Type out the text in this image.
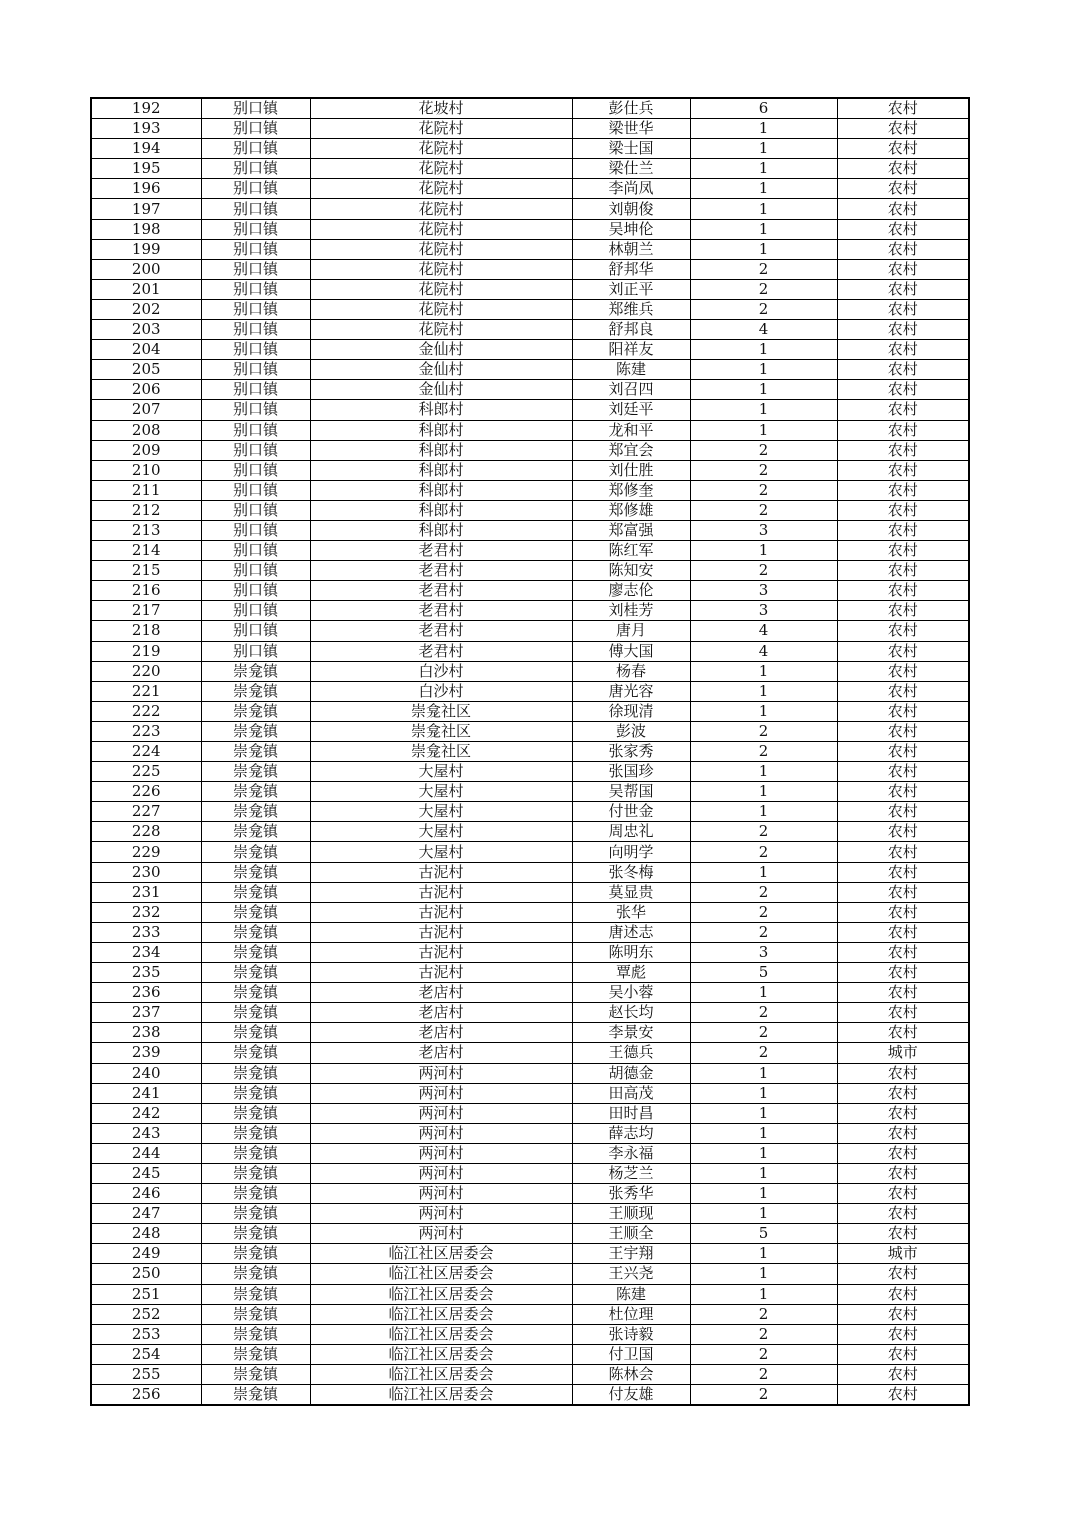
192	别口镇	花坡村	彭仕兵	6	农村
193	别口镇	花院村	梁世华	1	农村
194	别口镇	花院村	梁士国	1	农村
195	别口镇	花院村	梁仕兰	1	农村
196	别口镇	花院村	李尚凤	1	农村
197	别口镇	花院村	刘朝俊	1	农村
198	别口镇	花院村	吴坤伦	1	农村
199	别口镇	花院村	林朝兰	1	农村
200	别口镇	花院村	舒邦华	2	农村
201	别口镇	花院村	刘正平	2	农村
202	别口镇	花院村	郑维兵	2	农村
203	别口镇	花院村	舒邦良	4	农村
204	别口镇	金仙村	阳祥友	1	农村
205	别口镇	金仙村	陈建	1	农村
206	别口镇	金仙村	刘召四	1	农村
207	别口镇	科郎村	刘廷平	1	农村
208	别口镇	科郎村	龙和平	1	农村
209	别口镇	科郎村	郑宜会	2	农村
210	别口镇	科郎村	刘仕胜	2	农村
211	别口镇	科郎村	郑修奎	2	农村
212	别口镇	科郎村	郑修雄	2	农村
213	别口镇	科郎村	郑富强	3	农村
214	别口镇	老君村	陈红军	1	农村
215	别口镇	老君村	陈知安	2	农村
216	别口镇	老君村	廖志伦	3	农村
217	别口镇	老君村	刘桂芳	3	农村
218	别口镇	老君村	唐月	4	农村
219	别口镇	老君村	傅大国	4	农村
220	崇龛镇	白沙村	杨春	1	农村
221	崇龛镇	白沙村	唐光容	1	农村
222	崇龛镇	崇龛社区	徐现清	1	农村
223	崇龛镇	崇龛社区	彭波	2	农村
224	崇龛镇	崇龛社区	张家秀	2	农村
225	崇龛镇	大屋村	张国珍	1	农村
226	崇龛镇	大屋村	吴帮国	1	农村
227	崇龛镇	大屋村	付世金	1	农村
228	崇龛镇	大屋村	周忠礼	2	农村
229	崇龛镇	大屋村	向明学	2	农村
230	崇龛镇	古泥村	张冬梅	1	农村
231	崇龛镇	古泥村	莫显贵	2	农村
232	崇龛镇	古泥村	张华	2	农村
233	崇龛镇	古泥村	唐述志	2	农村
234	崇龛镇	古泥村	陈明东	3	农村
235	崇龛镇	古泥村	覃彪	5	农村
236	崇龛镇	老店村	吴小蓉	1	农村
237	崇龛镇	老店村	赵长均	2	农村
238	崇龛镇	老店村	李景安	2	农村
239	崇龛镇	老店村	王德兵	2	城市
240	崇龛镇	两河村	胡德金	1	农村
241	崇龛镇	两河村	田高茂	1	农村
242	崇龛镇	两河村	田时昌	1	农村
243	崇龛镇	两河村	薛志均	1	农村
244	崇龛镇	两河村	李永福	1	农村
245	崇龛镇	两河村	杨芝兰	1	农村
246	崇龛镇	两河村	张秀华	1	农村
247	崇龛镇	两河村	王顺现	1	农村
248	崇龛镇	两河村	王顺全	5	农村
249	崇龛镇	临江社区居委会	王宇翔	1	城市
250	崇龛镇	临江社区居委会	王兴尧	1	农村
251	崇龛镇	临江社区居委会	陈建	1	农村
252	崇龛镇	临江社区居委会	杜位理	2	农村
253	崇龛镇	临江社区居委会	张诗毅	2	农村
254	崇龛镇	临江社区居委会	付卫国	2	农村
255	崇龛镇	临江社区居委会	陈林会	2	农村
256	崇龛镇	临江社区居委会	付友雄	2	农村
